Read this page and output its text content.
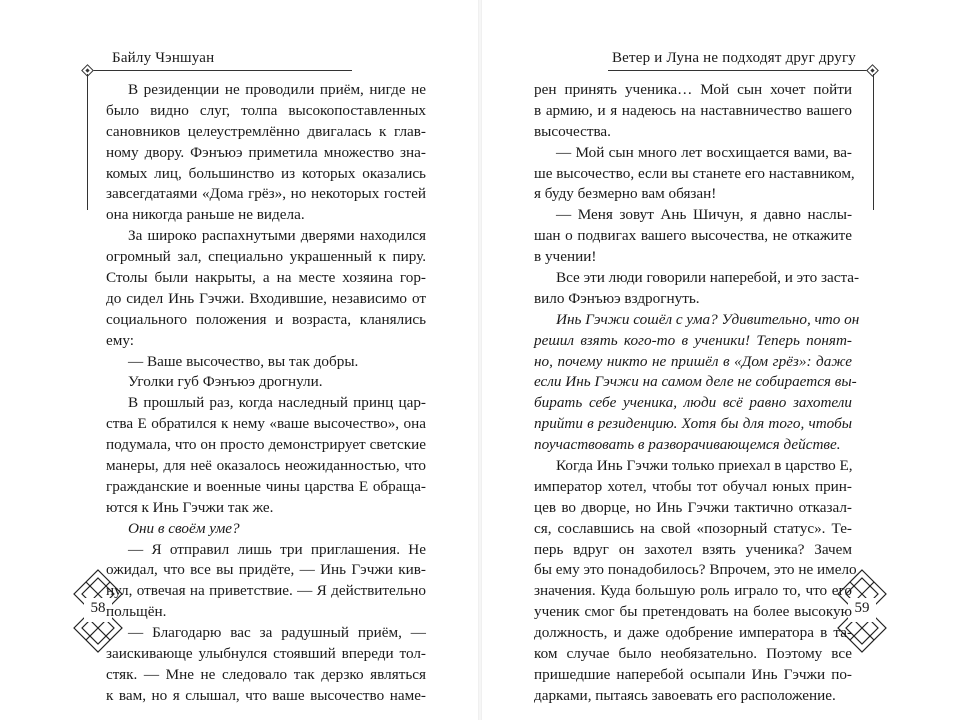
Байлу Чэншуан
58
Ветер и Луна не подходят друг другу
59
В резиденции не проводили приём, нигде не
было видно слуг, толпа высокопоставленных
сановников целеустремлённо двигалась к глав-
ному двору. Фэнъюэ приметила множество зна-
комых лиц, большинство из которых оказались
завсегдатаями «Дома грёз», но некоторых гостей
она никогда раньше не видела.
За широко распахнутыми дверями находился
огромный зал, специально украшенный к пиру.
Столы были накрыты, а на месте хозяина гор-
до сидел Инь Гэчжи. Входившие, независимо от
социального положения и возраста, кланялись
ему:
— Ваше высочество, вы так добры.
Уголки губ Фэнъюэ дрогнули.
В прошлый раз, когда наследный принц цар-
ства Е обратился к нему «ваше высочество», она
подумала, что он просто демонстрирует светские
манеры, для неё оказалось неожиданностью, что
гражданские и военные чины царства Е обраща-
ются к Инь Гэчжи так же.
Они в своём уме?
— Я отправил лишь три приглашения. Не
ожидал, что все вы придёте, — Инь Гэчжи кив-
нул, отвечая на приветствие. — Я действительно
польщён.
— Благодарю вас за радушный приём, —
заискивающе улыбнулся стоявший впереди тол-
стяк. — Мне не следовало так дерзко являться
к вам, но я слышал, что ваше высочество наме-
рен принять ученика… Мой сын хочет пойти
в армию, и я надеюсь на наставничество вашего
высочества.
— Мой сын много лет восхищается вами, ва-
ше высочество, если вы станете его наставником,
я буду безмерно вам обязан!
— Меня зовут Ань Шичун, я давно наслы-
шан о подвигах вашего высочества, не откажите
в учении!
Все эти люди говорили наперебой, и это заста-
вило Фэнъюэ вздрогнуть.
Инь Гэчжи сошёл с ума? Удивительно, что он
решил взять кого-то в ученики! Теперь понят-
но, почему никто не пришёл в «Дом грёз»: даже
если Инь Гэчжи на самом деле не собирается вы-
бирать себе ученика, люди всё равно захотели
прийти в резиденцию. Хотя бы для того, чтобы
поучаствовать в разворачивающемся действе.
Когда Инь Гэчжи только приехал в царство Е,
император хотел, чтобы тот обучал юных прин-
цев во дворце, но Инь Гэчжи тактично отказал-
ся, сославшись на свой «позорный статус». Те-
перь вдруг он захотел взять ученика? Зачем
бы ему это понадобилось? Впрочем, это не имело
значения. Куда большую роль играло то, что его
ученик смог бы претендовать на более высокую
должность, и даже одобрение императора в та-
ком случае было необязательно. Поэтому все
пришедшие наперебой осыпали Инь Гэчжи по-
дарками, пытаясь завоевать его расположение.
